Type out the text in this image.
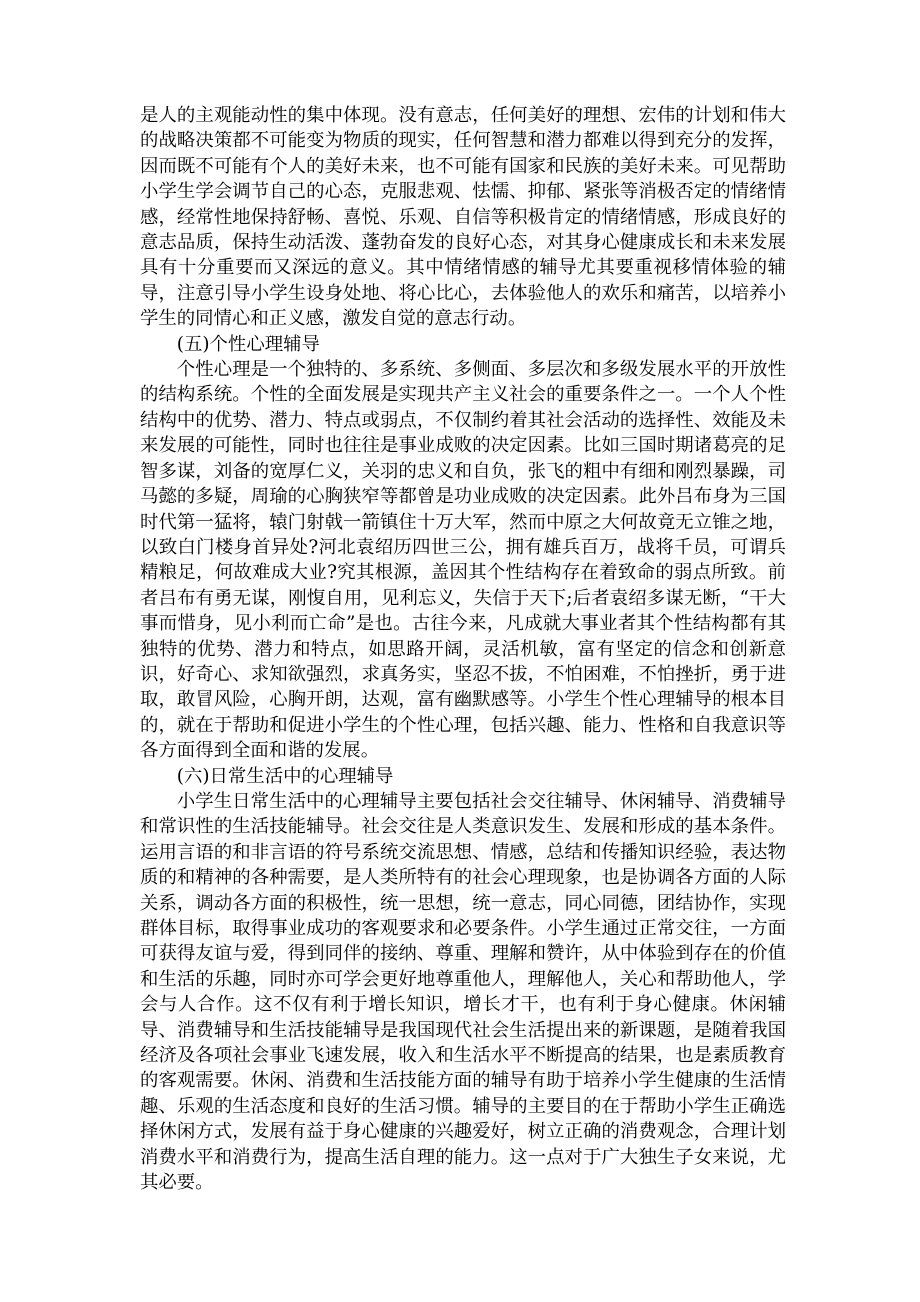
是人的主观能动性的集中体现。没有意志，任何美好的理想、宏伟的计划和伟大的战略决策都不可能变为物质的现实，任何智慧和潜力都难以得到充分的发挥，因而既不可能有个人的美好未来，也不可能有国家和民族的美好未来。可见帮助小学生学会调节自己的心态，克服悲观、怯懦、抑郁、紧张等消极否定的情绪情感，经常性地保持舒畅、喜悦、乐观、自信等积极肯定的情绪情感，形成良好的意志品质，保持生动活泼、蓬勃奋发的良好心态，对其身心健康成长和未来发展具有十分重要而又深远的意义。其中情绪情感的辅导尤其要重视移情体验的辅导，注意引导小学生设身处地、将心比心，去体验他人的欢乐和痛苦，以培养小学生的同情心和正义感，激发自觉的意志行动。

(五)个性心理辅导

个性心理是一个独特的、多系统、多侧面、多层次和多级发展水平的开放性的结构系统。个性的全面发展是实现共产主义社会的重要条件之一。一个人个性结构中的优势、潜力、特点或弱点，不仅制约着其社会活动的选择性、效能及未来发展的可能性，同时也往往是事业成败的决定因素。比如三国时期诸葛亮的足智多谋，刘备的宽厚仁义，关羽的忠义和自负，张飞的粗中有细和刚烈暴躁，司马懿的多疑，周瑜的心胸狭窄等都曾是功业成败的决定因素。此外吕布身为三国时代第一猛将，辕门射戟一箭镇住十万大军，然而中原之大何故竟无立锥之地，以致白门楼身首异处?河北袁绍历四世三公，拥有雄兵百万，战将千员，可谓兵精粮足，何故难成大业?究其根源，盖因其个性结构存在着致命的弱点所致。前者吕布有勇无谋，刚愎自用，见利忘义，失信于天下;后者袁绍多谋无断，“干大事而惜身，见小利而亡命”是也。古往今来，凡成就大事业者其个性结构都有其独特的优势、潜力和特点，如思路开阔，灵活机敏，富有坚定的信念和创新意识，好奇心、求知欲强烈，求真务实，坚忍不拔，不怕困难，不怕挫折，勇于进取，敢冒风险，心胸开朗，达观，富有幽默感等。小学生个性心理辅导的根本目的，就在于帮助和促进小学生的个性心理，包括兴趣、能力、性格和自我意识等各方面得到全面和谐的发展。

(六)日常生活中的心理辅导

小学生日常生活中的心理辅导主要包括社会交往辅导、休闲辅导、消费辅导和常识性的生活技能辅导。社会交往是人类意识发生、发展和形成的基本条件。运用言语的和非言语的符号系统交流思想、情感，总结和传播知识经验，表达物质的和精神的各种需要，是人类所特有的社会心理现象，也是协调各方面的人际关系，调动各方面的积极性，统一思想，统一意志，同心同德，团结协作，实现群体目标，取得事业成功的客观要求和必要条件。小学生通过正常交往，一方面可获得友谊与爱，得到同伴的接纳、尊重、理解和赞许，从中体验到存在的价值和生活的乐趣，同时亦可学会更好地尊重他人，理解他人，关心和帮助他人，学会与人合作。这不仅有利于增长知识，增长才干，也有利于身心健康。休闲辅导、消费辅导和生活技能辅导是我国现代社会生活提出来的新课题，是随着我国经济及各项社会事业飞速发展，收入和生活水平不断提高的结果，也是素质教育的客观需要。休闲、消费和生活技能方面的辅导有助于培养小学生健康的生活情趣、乐观的生活态度和良好的生活习惯。辅导的主要目的在于帮助小学生正确选择休闲方式，发展有益于身心健康的兴趣爱好，树立正确的消费观念，合理计划消费水平和消费行为，提高生活自理的能力。这一点对于广大独生子女来说，尤其必要。
